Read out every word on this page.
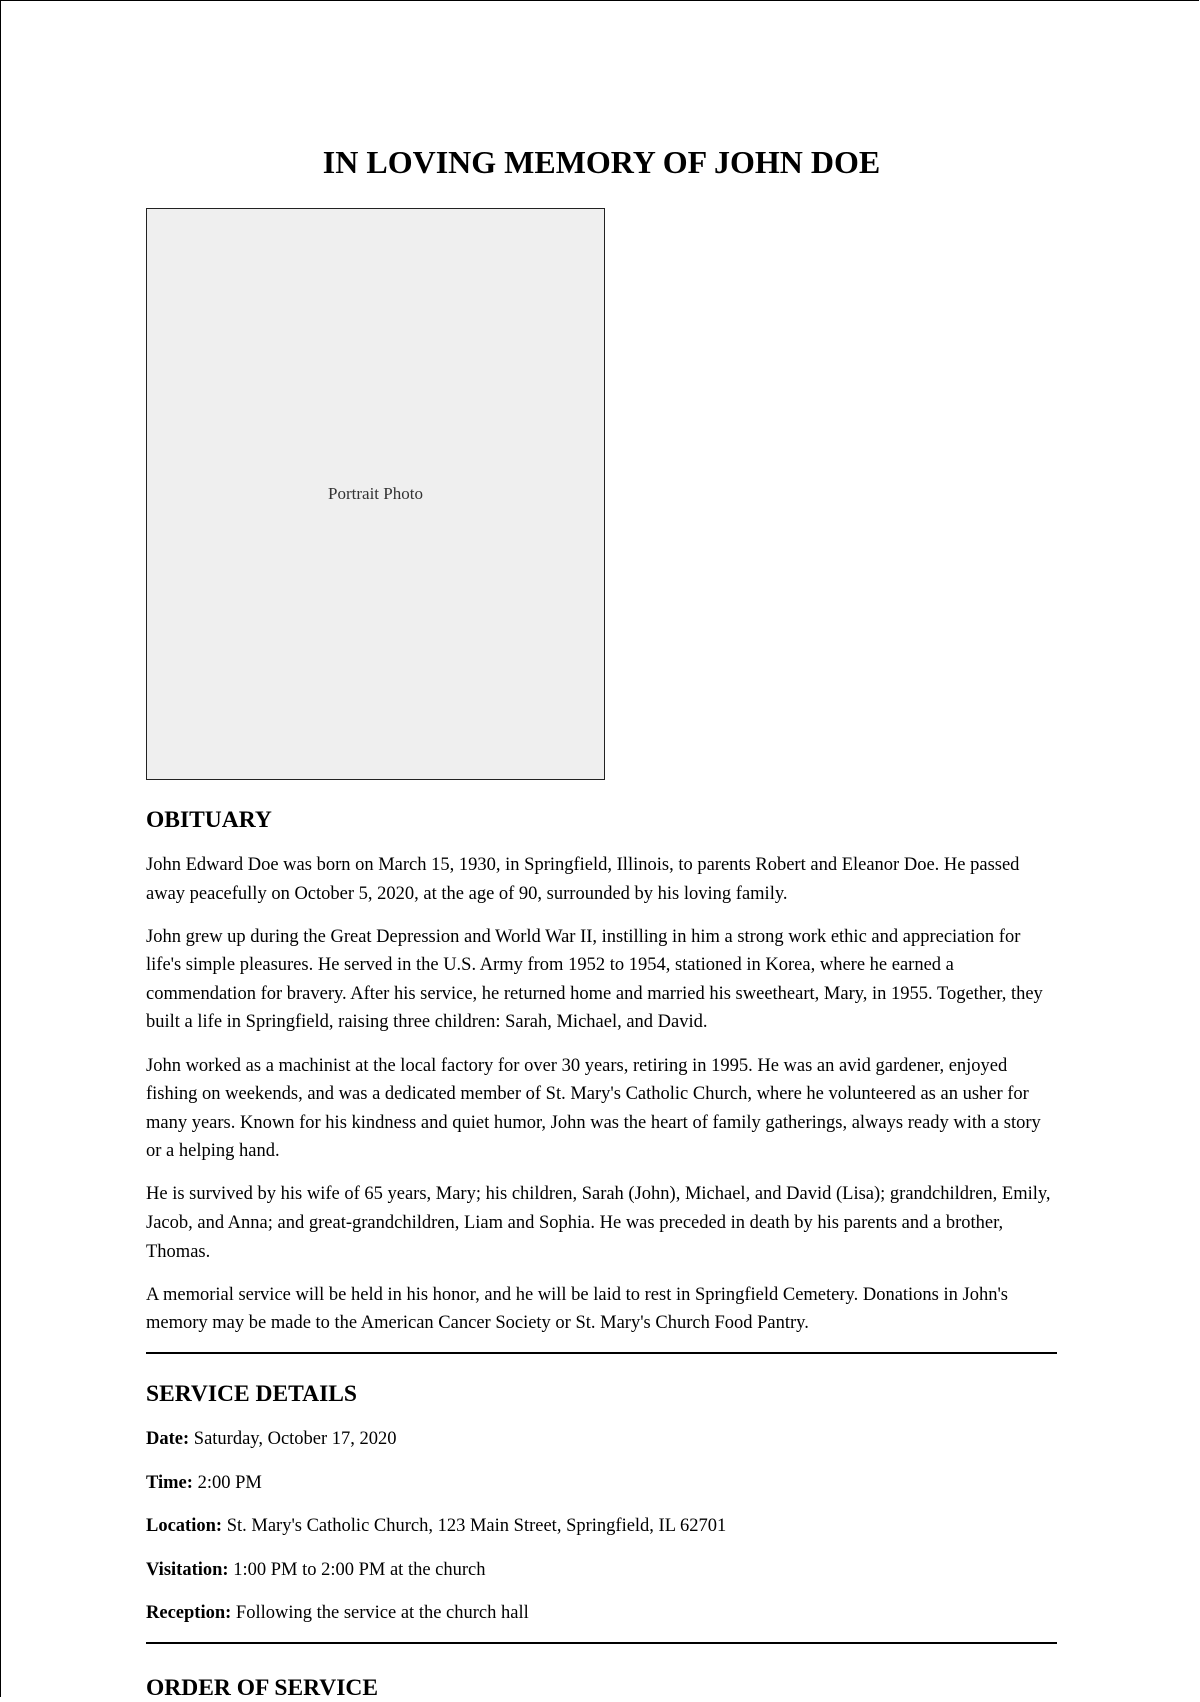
IN LOVING MEMORY OF JOHN DOE
Portrait Photo
OBITUARY

John Edward Doe was born on March 15, 1930, in Springfield, Illinois, to parents Robert and Eleanor Doe. He passed away peacefully on October 5, 2020, at the age of 90, surrounded by his loving family.

John grew up during the Great Depression and World War II, instilling in him a strong work ethic and appreciation for life's simple pleasures. He served in the U.S. Army from 1952 to 1954, stationed in Korea, where he earned a commendation for bravery. After his service, he returned home and married his sweetheart, Mary, in 1955. Together, they built a life in Springfield, raising three children: Sarah, Michael, and David.

John worked as a machinist at the local factory for over 30 years, retiring in 1995. He was an avid gardener, enjoyed fishing on weekends, and was a dedicated member of St. Mary's Catholic Church, where he volunteered as an usher for many years. Known for his kindness and quiet humor, John was the heart of family gatherings, always ready with a story or a helping hand.

He is survived by his wife of 65 years, Mary; his children, Sarah (John), Michael, and David (Lisa); grandchildren, Emily, Jacob, and Anna; and great-grandchildren, Liam and Sophia. He was preceded in death by his parents and a brother, Thomas.

A memorial service will be held in his honor, and he will be laid to rest in Springfield Cemetery. Donations in John's memory may be made to the American Cancer Society or St. Mary's Church Food Pantry.

SERVICE DETAILS

Date: Saturday, October 17, 2020

Time: 2:00 PM

Location: St. Mary's Catholic Church, 123 Main Street, Springfield, IL 62701

Visitation: 1:00 PM to 2:00 PM at the church

Reception: Following the service at the church hall

ORDER OF SERVICE
